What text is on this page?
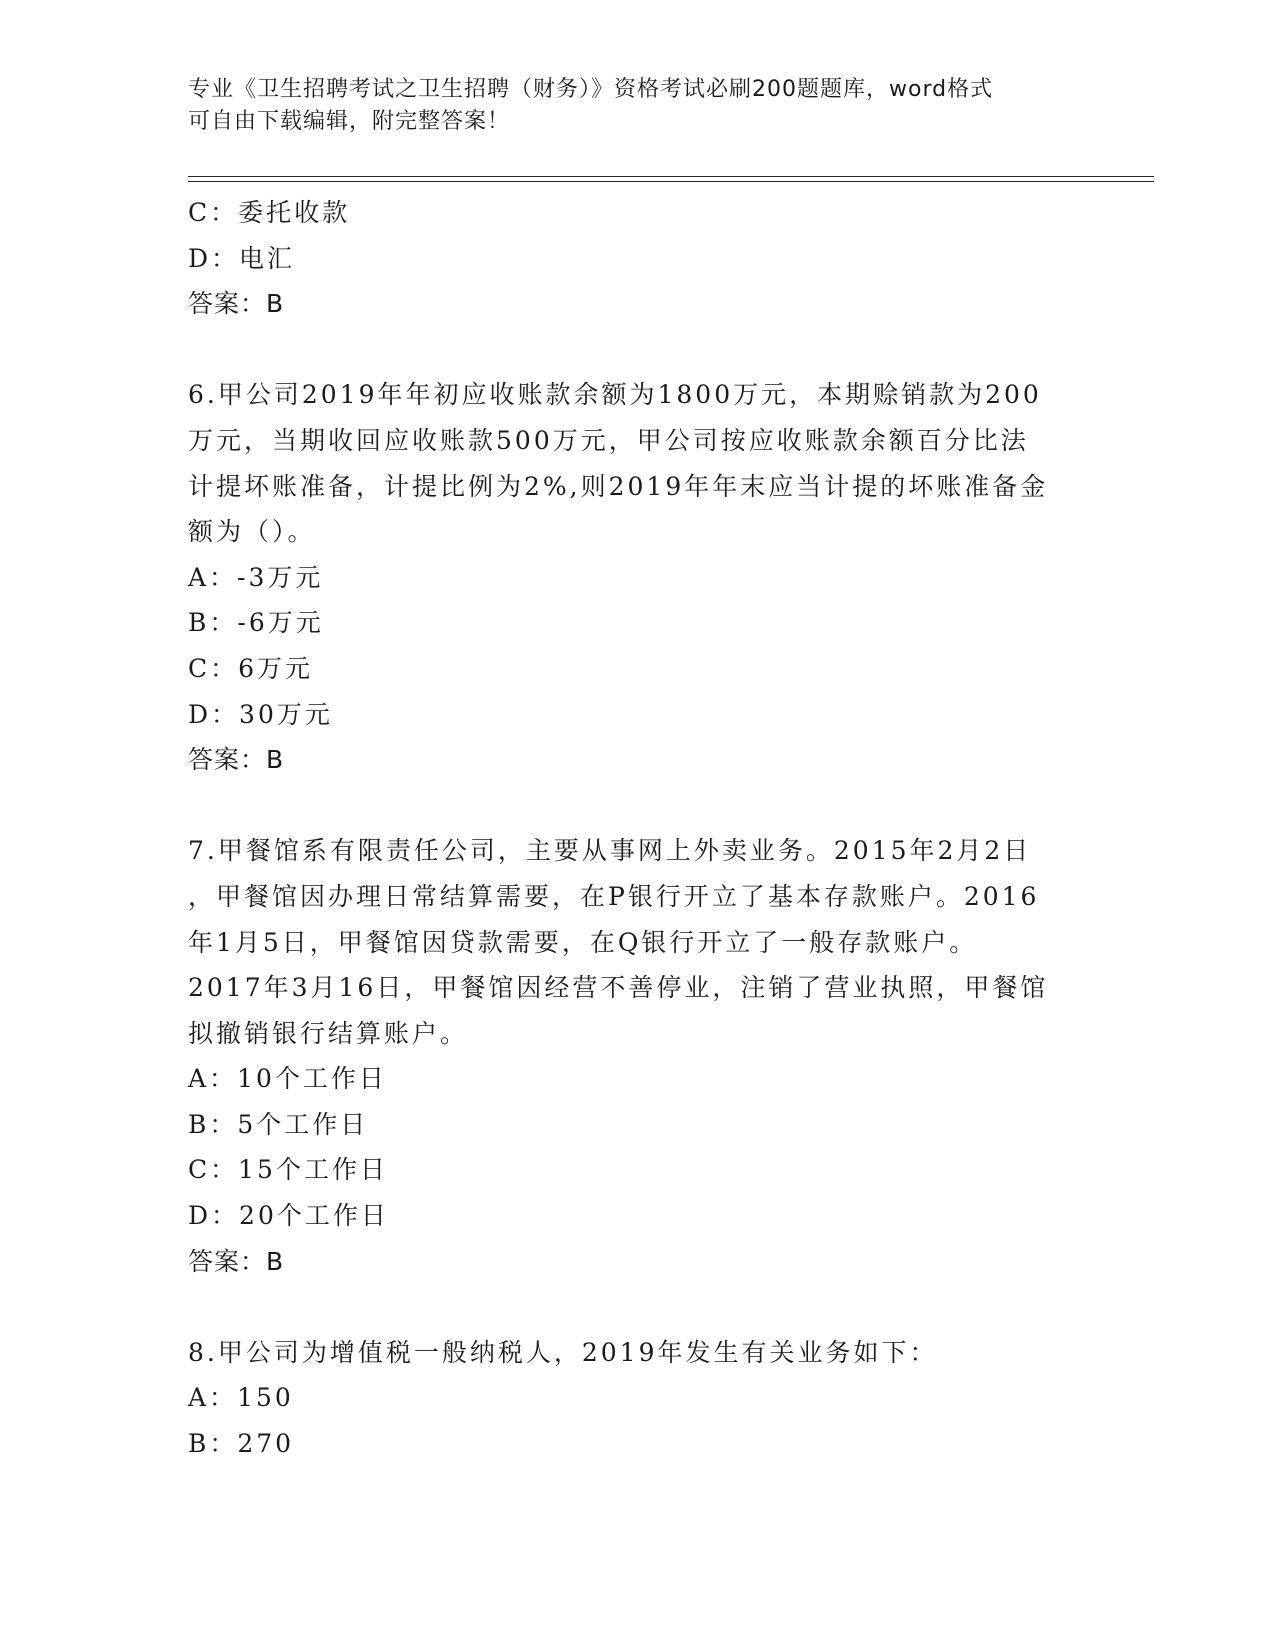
专业《卫生招聘考试之卫生招聘（财务）》资格考试必刷200题题库，word格式
可自由下载编辑，附完整答案！
C：委托收款
D：电汇
答案：B
6.甲公司2019年年初应收账款余额为1800万元，本期赊销款为200
万元，当期收回应收账款500万元，甲公司按应收账款余额百分比法
计提坏账准备，计提比例为2%,则2019年年末应当计提的坏账准备金
额为（）。
A：-3万元
B：-6万元
C：6万元
D：30万元
答案：B
7.甲餐馆系有限责任公司，主要从事网上外卖业务。2015年2月2日
，甲餐馆因办理日常结算需要，在P银行开立了基本存款账户。2016
年1月5日，甲餐馆因贷款需要，在Q银行开立了一般存款账户。
2017年3月16日，甲餐馆因经营不善停业，注销了营业执照，甲餐馆
拟撤销银行结算账户。
A：10个工作日
B：5个工作日
C：15个工作日
D：20个工作日
答案：B
8.甲公司为增值税一般纳税人，2019年发生有关业务如下：
A：150
B：270
